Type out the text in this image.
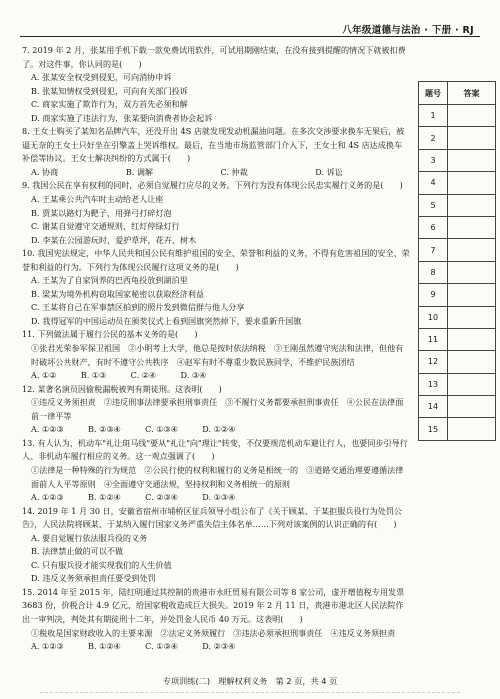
八年级道德与法治 · 下册 · RJ
7. 2019 年 2 月，张某用手机下载一款免费试用软件，可试用期刚结束，在没有接到提醒的情况下就被扣费了。对这件事，你认同的是(　　)
A. 张某安全权受到侵犯，可向消协申诉
B. 张某知情权受到侵犯，可向有关部门投诉
C. 商家实施了欺诈行为，双方首先必须和解
D. 商家实施了违法行为，张某要向消费者协会起诉
8. 王女士购买了某知名品牌汽车，还没开出 4S 店就发现发动机漏油问题。在多次交涉要求换车无果后，被逼无奈的王女士只好坐在引擎盖上哭诉维权。最后，在当地市场监管部门介入下，王女士和 4S 店达成换车补偿等协议。王女士解决纠纷的方式属于(　　)
A. 协商	B. 调解	C. 仲裁	D. 诉讼
9. 我国公民在享有权利的同时，必须自觉履行应尽的义务。下列行为没有体现公民忠实履行义务的是(　　)
A. 王某乘公共汽车时主动给老人让座
B. 贾某以路灯为靶子，用弹弓打碎灯泡
C. 谢某自觉遵守交通规则，红灯停绿灯行
D. 李某在公园游玩时，爱护草坪，花卉、树木
10. 我国宪法规定，中华人民共和国公民有维护祖国的安全、荣誉和利益的义务，不得有危害祖国的安全、荣誉和利益的行为。下列行为体现公民履行这项义务的是(　　)
A. 王某为了自家饲养的巴西龟投放到湖泊里
B. 梁某为境外机构窃取国家秘密以获取经济利益
C. 王某将自己在军事禁区拍到的照片发到微信群与他人分享
D. 我得冠军的中国运动员在颁奖仪式上看到国旗突然掉下，要求重新升国旗
11. 下列做法属于履行公民的基本义务的是(　　)
①张君光荣参军保卫祖国　②小明考上大学，他总是按时依法纳税　③王刚虽然遵守宪法和法律，但他有时破坏公共财产，有时不遵守公共秩序　④赵军有时不尊重少数民族同学，不维护民族团结
A. ①②　　　B. ①③　　　C. ②④　　　D. ③④
12. 某著名演员因偷税漏税被判有期徒刑。这表明(　　)
①违反义务须担责　②违反刑事法律要承担刑事责任　③不履行义务都要承担刑事责任　④公民在法律面前一律平等
A. ①②③　　　B. ②③④　　　C. ①③④　　　D. ①②④
13. 有人认为，机动车"礼让斑马线"要从"礼让"向"理让"转变，不仅要规范机动车避让行人，也要同步引导行人、非机动车履行相应的义务。这一观点强调了(　　)
①法律是一种特殊的行为规范　②公民行使的权利和履行的义务是相统一的　③道路交通治理要遵循法律面前人人平等原则　④全面遵守交通法规，坚持权利和义务相统一的原则
A. ①②③　　　B. ①②④　　　C. ②③④　　　D. ①③④
14. 2019 年 1 月 30 日，安徽省宿州市埇桥区征兵领导小组公布了《关于顾某、于某拒服兵役行为处罚公告》，人民法院将顾某、于某纳入履行国家义务严重失信主体名单……下列对该案例的认识正确的有(　　)
A. 要自觉履行依法服兵役的义务
B. 法律禁止做的可以不做
C. 只有服兵役才能实现我们的人生价值
D. 违反义务须承担责任要受到处罚
15. 2014 年至 2015 年，陆红明通过其控制的贵港市永旺贸易有限公司等 8 家公司，虚开增值税专用发票 3683 份，价税合计 4.9 亿元，给国家税收造成巨大损失。2019 年 2 月 11 日，贵港市港北区人民法院作出一审判决，判处其有期徒刑十二年，并处罚金人民币 40 万元。这表明(　　)
①税收是国家财政收入的主要来源　②法定义务须履行　③违法必须承担刑事责任　④违反义务须担责
A. ①②③　　　B. ①②④　　　C. ①③④　　　D. ②③④
题号	答案
1	
2	
3	
4	
5	
6	
7	
8	
9	
10	
11	
12	
13	
14	
15	
专项训练(二)　理解权利义务　第 2 页，共 4 页
